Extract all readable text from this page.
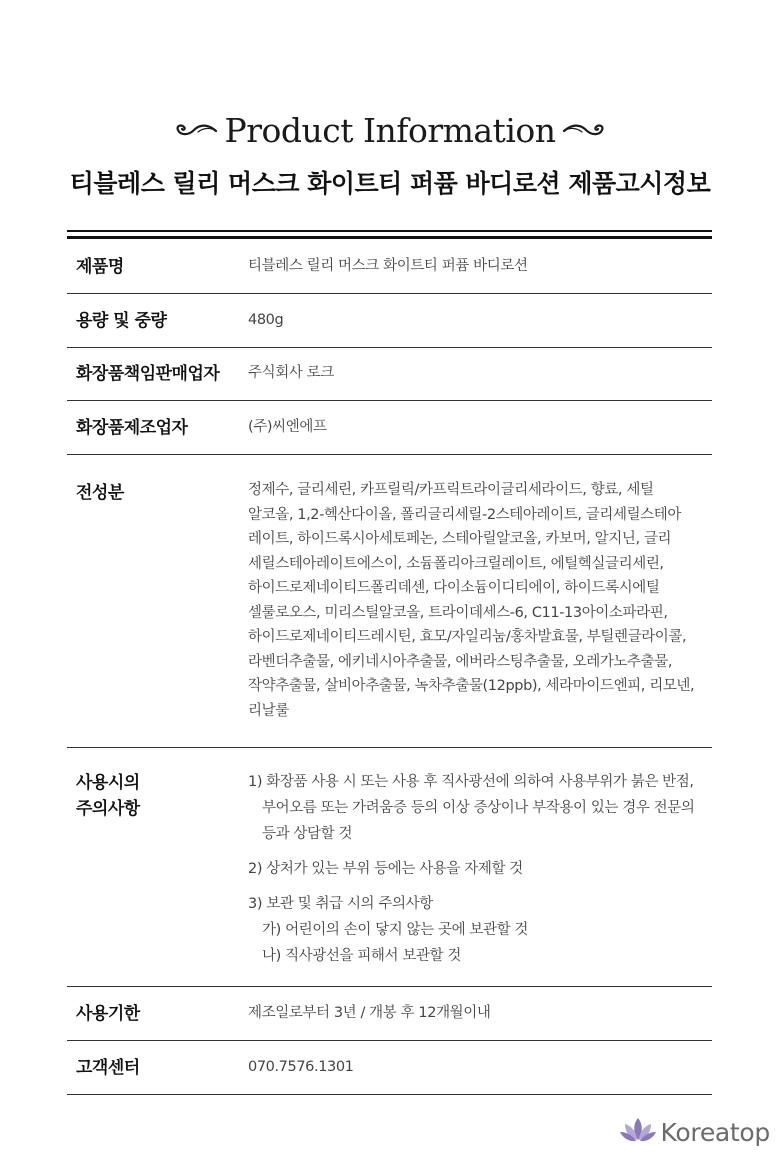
Product Information
티블레스 릴리 머스크 화이트티 퍼퓸 바디로션 제품고시정보
제품명	티블레스 릴리 머스크 화이트티 퍼퓸 바디로션
용량 및 중량	480g
화장품책임판매업자 주식회사 로크
화장품제조업자	(주)씨엔에프
전성분	정제수, 글리세린, 카프릴릭/카프릭트라이글리세라이드, 향료, 세틸
알코올, 1,2-헥산다이올, 폴리글리세릴-2스테아레이트, 글리세릴스테아
레이트, 하이드록시아세토페논, 스테아릴알코올, 카보머, 알지닌, 글리
세릴스테아레이트에스이, 소듐폴리아크릴레이트, 에틸헥실글리세린,
하이드로제네이티드폴리데센, 다이소듐이디티에이, 하이드록시에틸
셀룰로오스, 미리스틸알코올, 트라이데세스-6, C11-13아이소파라핀,
하이드로제네이티드레시틴, 효모/자일리눔/홍차발효물, 부틸렌글라이콜,
라벤더추출물, 에키네시아추출물, 에버라스팅추출물, 오레가노추출물,
작약추출물, 살비아추출물, 녹차추출물(12ppb), 세라마이드엔피, 리모넨,
리날룰
사용시의
주의사항
1) 화장품 사용 시 또는 사용 후 직사광선에 의하여 사용부위가 붉은 반점,
부어오름 또는 가려움증 등의 이상 증상이나 부작용이 있는 경우 전문의
등과 상담할 것
2) 상처가 있는 부위 등에는 사용을 자제할 것
3) 보관 및 취급 시의 주의사항
가) 어린이의 손이 닿지 않는 곳에 보관할 것
나) 직사광선을 피해서 보관할 것
사용기한	제조일로부터 3년 / 개봉 후 12개월이내
고객센터	070.7576.1301
Koreatop
